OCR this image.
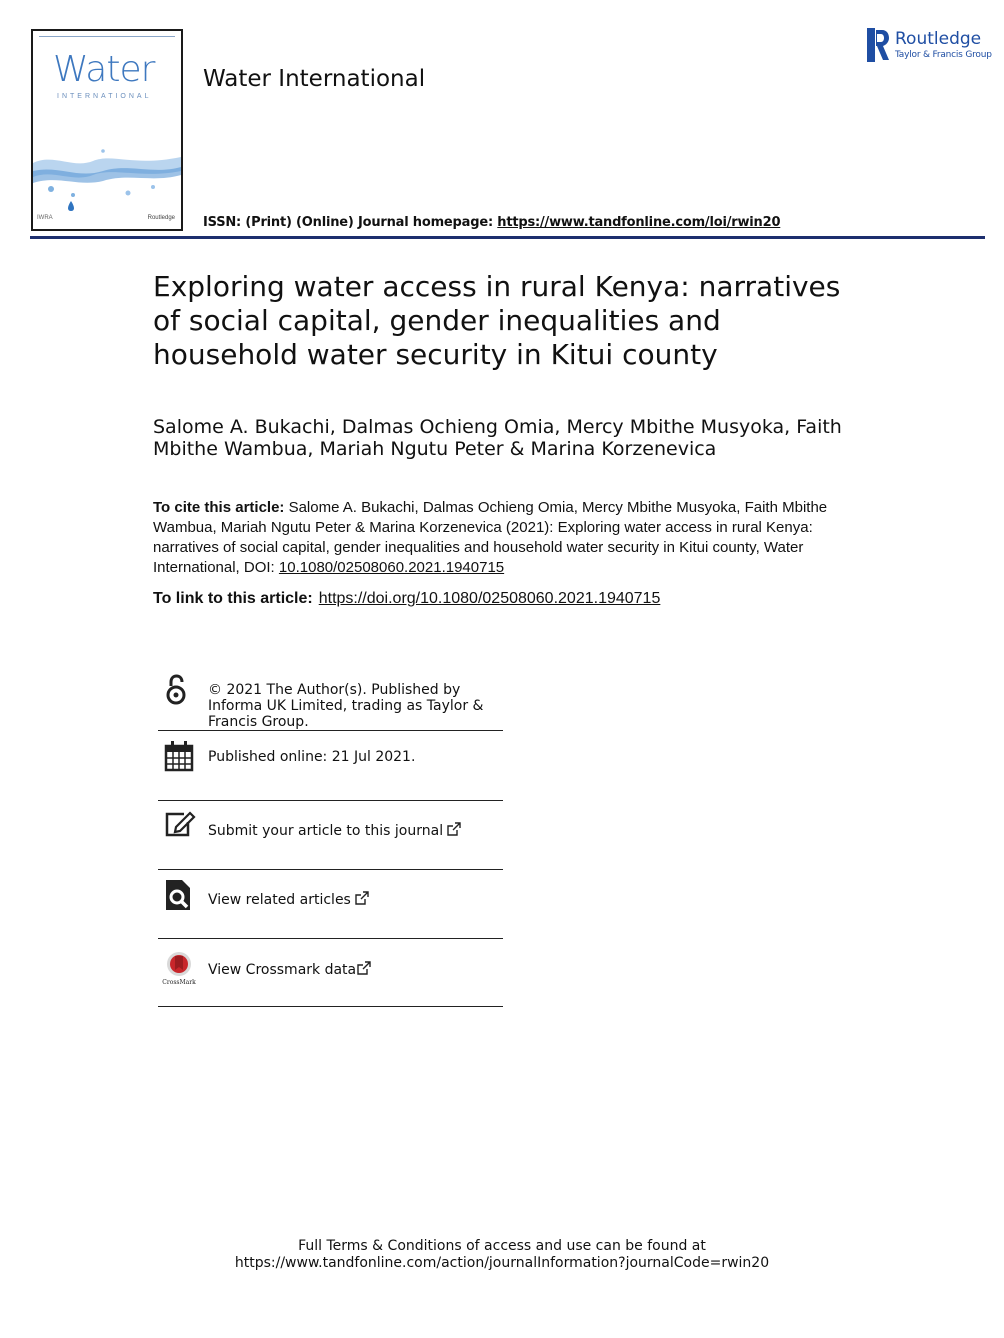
Water
INTERNATIONAL
IWRA	Routledge
Water International
ISSN: (Print) (Online) Journal homepage: https://www.tandfonline.com/loi/rwin20
Routledge
Taylor & Francis Group
Exploring water access in rural Kenya: narratives of social capital, gender inequalities and household water security in Kitui county
Salome A. Bukachi, Dalmas Ochieng Omia, Mercy Mbithe Musyoka, Faith Mbithe Wambua, Mariah Ngutu Peter & Marina Korzenevica
To cite this article: Salome A. Bukachi, Dalmas Ochieng Omia, Mercy Mbithe Musyoka, Faith Mbithe Wambua, Mariah Ngutu Peter & Marina Korzenevica (2021): Exploring water access in rural Kenya: narratives of social capital, gender inequalities and household water security in Kitui county, Water International, DOI: 10.1080/02508060.2021.1940715
To link to this article: https://doi.org/10.1080/02508060.2021.1940715
© 2021 The Author(s). Published by Informa UK Limited, trading as Taylor & Francis Group.
Published online: 21 Jul 2021.
Submit your article to this journal
View related articles
CrossMark
View Crossmark data
Full Terms & Conditions of access and use can be found at
https://www.tandfonline.com/action/journalInformation?journalCode=rwin20
